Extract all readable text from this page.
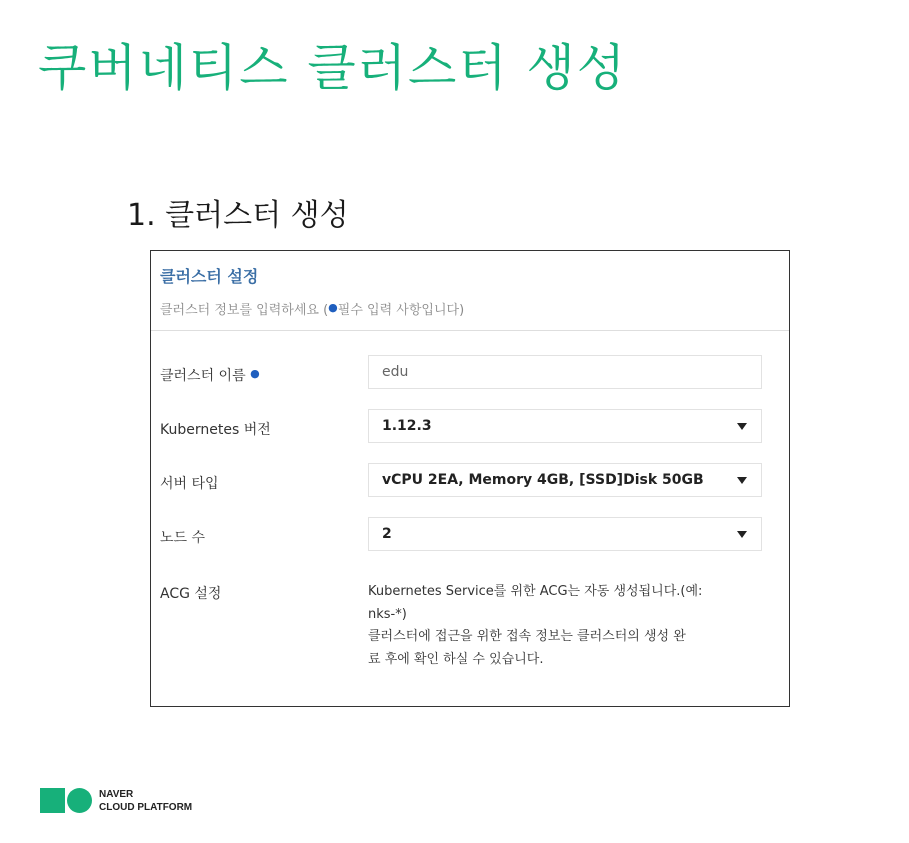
쿠버네티스 클러스터 생성
1. 클러스터 생성
클러스터 설정
클러스터 정보를 입력하세요 (●필수 입력 사항입니다)
클러스터 이름 ●	edu
Kubernetes 버전	1.12.3
서버 타입	vCPU 2EA, Memory 4GB, [SSD]Disk 50GB
노드 수	2
ACG 설정	Kubernetes Service를 위한 ACG는 자동 생성됩니다.(예:
nks-*)
클러스터에 접근을 위한 접속 정보는 클러스터의 생성 완
료 후에 확인 하실 수 있습니다.
NAVER
CLOUD PLATFORM
